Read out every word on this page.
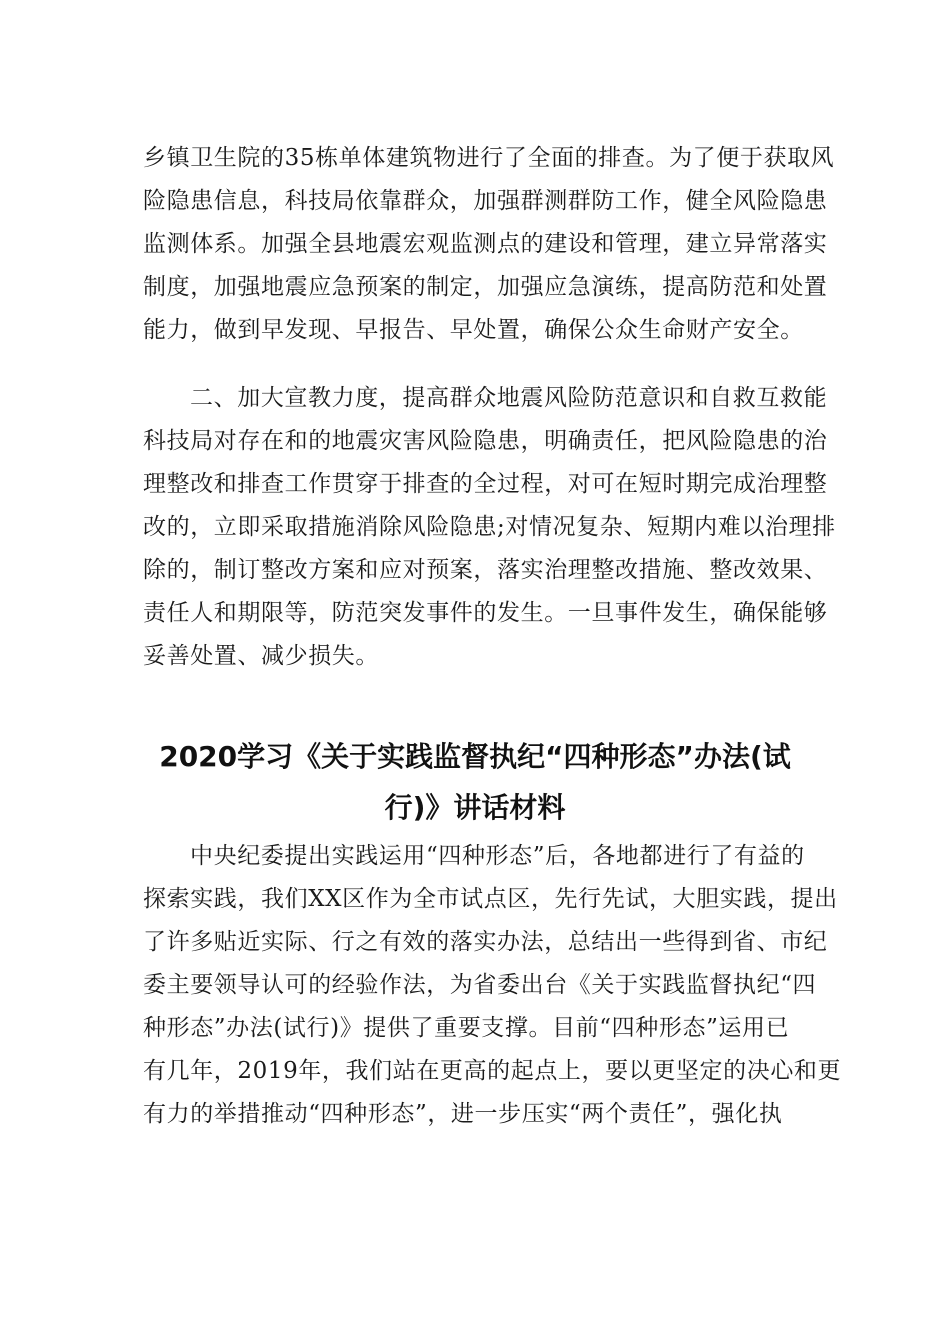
乡镇卫生院的35栋单体建筑物进行了全面的排查。为了便于获取风
险隐患信息，科技局依靠群众，加强群测群防工作，健全风险隐患
监测体系。加强全县地震宏观监测点的建设和管理，建立异常落实
制度，加强地震应急预案的制定，加强应急演练，提高防范和处置
能力，做到早发现、早报告、早处置，确保公众生命财产安全。
二、加大宣教力度，提高群众地震风险防范意识和自救互救能
科技局对存在和的地震灾害风险隐患，明确责任，把风险隐患的治
理整改和排查工作贯穿于排查的全过程，对可在短时期完成治理整
改的，立即采取措施消除风险隐患;对情况复杂、短期内难以治理排
除的，制订整改方案和应对预案，落实治理整改措施、整改效果、
责任人和期限等，防范突发事件的发生。一旦事件发生，确保能够
妥善处置、减少损失。
2020学习《关于实践监督执纪“四种形态”办法(试
行)》讲话材料
中央纪委提出实践运用“四种形态”后，各地都进行了有益的
探索实践，我们XX区作为全市试点区，先行先试，大胆实践，提出
了许多贴近实际、行之有效的落实办法，总结出一些得到省、市纪
委主要领导认可的经验作法，为省委出台《关于实践监督执纪“四
种形态”办法(试行)》提供了重要支撑。目前“四种形态”运用已
有几年，2019年，我们站在更高的起点上，要以更坚定的决心和更
有力的举措推动“四种形态”，进一步压实“两个责任”，强化执
